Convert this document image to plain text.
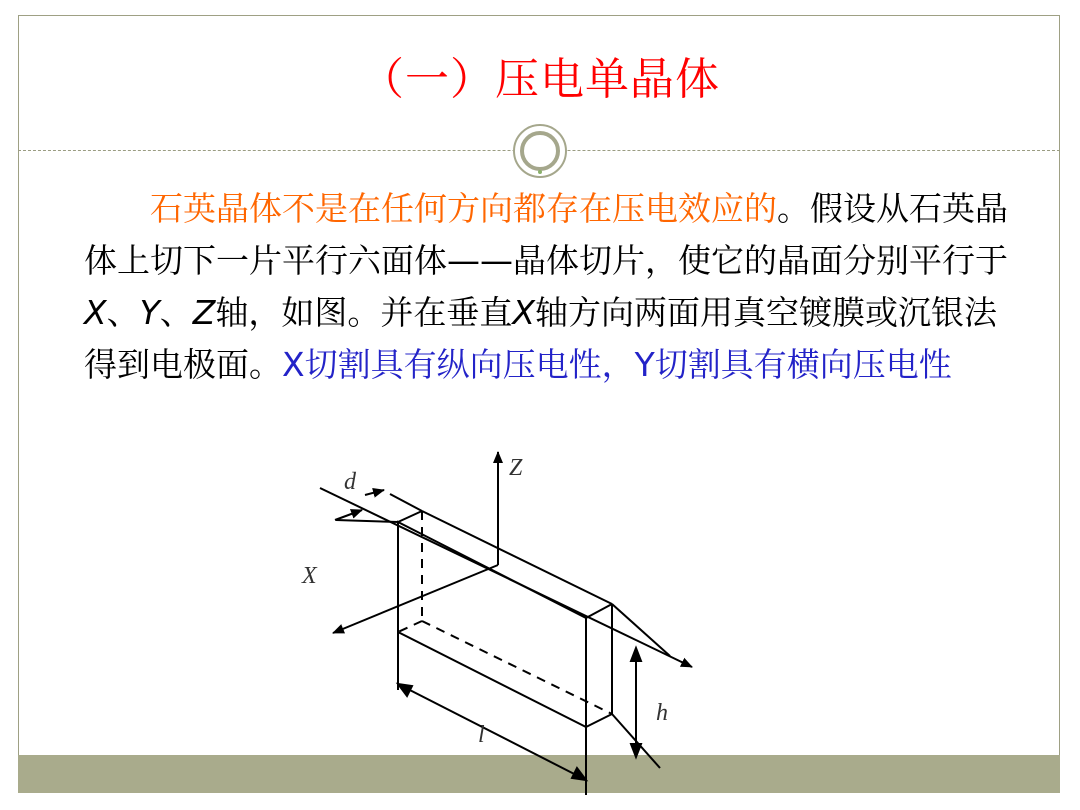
（一）压电单晶体
石英晶体不是在任何方向都存在压电效应的。假设从石英晶体上切下一片平行六面体——晶体切片，使它的晶面分别平行于X、Y、Z轴，如图。并在垂直X轴方向两面用真空镀膜或沉银法得到电极面。X切割具有纵向压电性，Y切割具有横向压电性
Z
X
d
h
l
